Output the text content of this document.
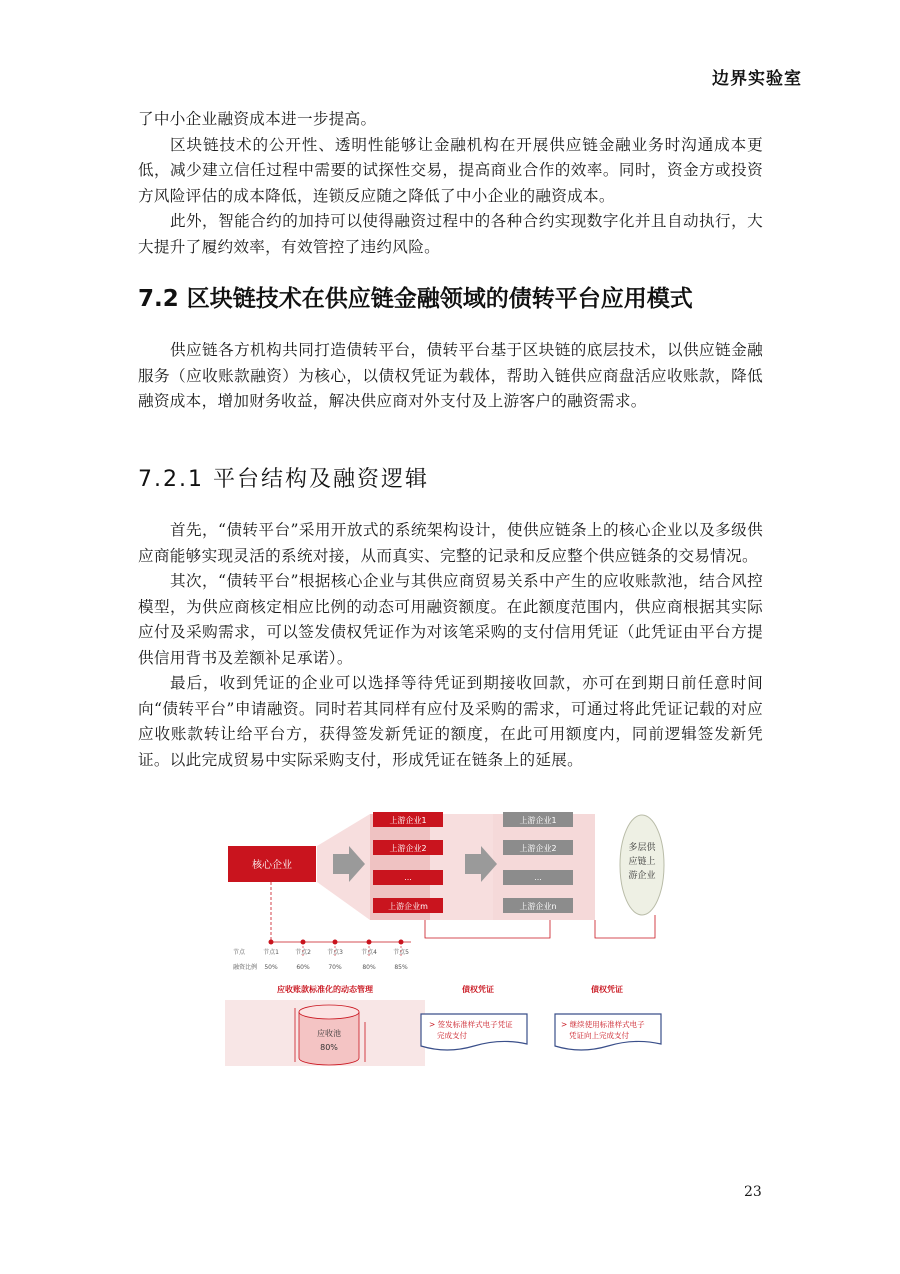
边界实验室

了中小企业融资成本进一步提高。

区块链技术的公开性、透明性能够让金融机构在开展供应链金融业务时沟通成本更低，减少建立信任过程中需要的试探性交易，提高商业合作的效率。同时，资金方或投资方风险评估的成本降低，连锁反应随之降低了中小企业的融资成本。

此外，智能合约的加持可以使得融资过程中的各种合约实现数字化并且自动执行，大大提升了履约效率，有效管控了违约风险。

7.2 区块链技术在供应链金融领域的债转平台应用模式

供应链各方机构共同打造债转平台，债转平台基于区块链的底层技术，以供应链金融服务（应收账款融资）为核心，以债权凭证为载体，帮助入链供应商盘活应收账款，降低融资成本，增加财务收益，解决供应商对外支付及上游客户的融资需求。

7.2.1 平台结构及融资逻辑

首先，“债转平台”采用开放式的系统架构设计，使供应链条上的核心企业以及多级供应商能够实现灵活的系统对接，从而真实、完整的记录和反应整个供应链条的交易情况。

其次，“债转平台”根据核心企业与其供应商贸易关系中产生的应收账款池，结合风控模型，为供应商核定相应比例的动态可用融资额度。在此额度范围内，供应商根据其实际应付及采购需求，可以签发债权凭证作为对该笔采购的支付信用凭证（此凭证由平台方提供信用背书及差额补足承诺）。

最后，收到凭证的企业可以选择等待凭证到期接收回款，亦可在到期日前任意时间向“债转平台”申请融资。同时若其同样有应付及采购的需求，可通过将此凭证记载的对应应收账款转让给平台方，获得签发新凭证的额度，在此可用额度内，同前逻辑签发新凭证。以此完成贸易中实际采购支付，形成凭证在链条上的延展。

核心企业
上游企业1
上游企业2
...
上游企业m
上游企业1
上游企业2
...
上游企业n
多层供
应链上
游企业
节点	节点1	节点2	节点3	节点4	节点5
融资比例 50%	60%	70%	80%	85%
应收账款标准化的动态管理	债权凭证	债权凭证
应收池
80%
> 签发标准样式电子凭证
完成支付
> 继续使用标准样式电子
凭证向上完成支付
23
